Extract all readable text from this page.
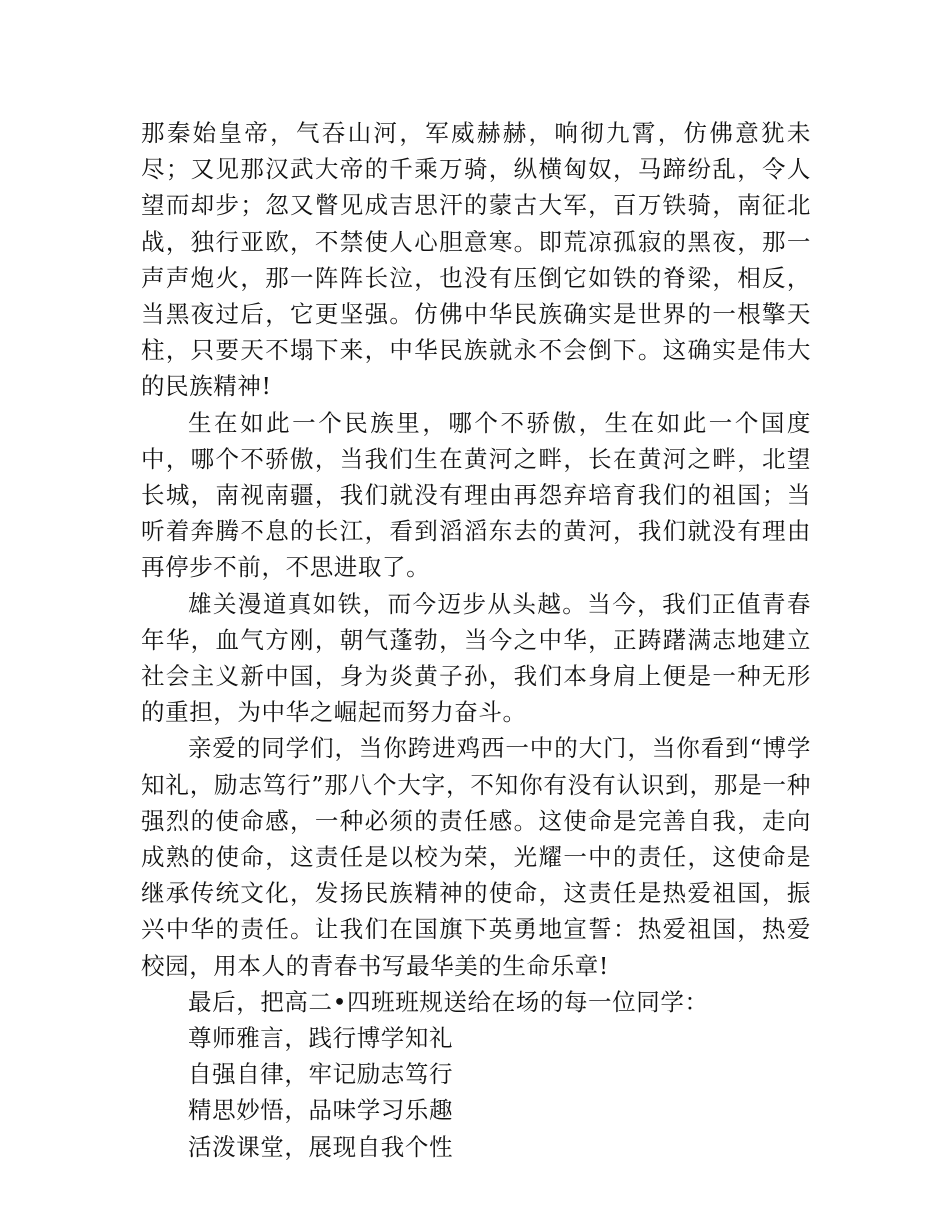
那秦始皇帝，气吞山河，军威赫赫，响彻九霄，仿佛意犹未尽；又见那汉武大帝的千乘万骑，纵横匈奴，马蹄纷乱，令人望而却步；忽又瞥见成吉思汗的蒙古大军，百万铁骑，南征北战，独行亚欧，不禁使人心胆意寒。即荒凉孤寂的黑夜，那一声声炮火，那一阵阵长泣，也没有压倒它如铁的脊梁，相反，当黑夜过后，它更坚强。仿佛中华民族确实是世界的一根擎天柱，只要天不塌下来，中华民族就永不会倒下。这确实是伟大的民族精神!

生在如此一个民族里，哪个不骄傲，生在如此一个国度中，哪个不骄傲，当我们生在黄河之畔，长在黄河之畔，北望长城，南视南疆，我们就没有理由再怨弃培育我们的祖国；当听着奔腾不息的长江，看到滔滔东去的黄河，我们就没有理由再停步不前，不思进取了。

雄关漫道真如铁，而今迈步从头越。当今，我们正值青春年华，血气方刚，朝气蓬勃，当今之中华，正踌躇满志地建立社会主义新中国，身为炎黄子孙，我们本身肩上便是一种无形的重担，为中华之崛起而努力奋斗。

亲爱的同学们，当你跨进鸡西一中的大门，当你看到“博学知礼，励志笃行”那八个大字，不知你有没有认识到，那是一种强烈的使命感，一种必须的责任感。这使命是完善自我，走向成熟的使命，这责任是以校为荣，光耀一中的责任，这使命是继承传统文化，发扬民族精神的使命，这责任是热爱祖国，振兴中华的责任。让我们在国旗下英勇地宣誓：热爱祖国，热爱校园，用本人的青春书写最华美的生命乐章!

最后，把高二•四班班规送给在场的每一位同学：

尊师雅言，践行博学知礼

自强自律，牢记励志笃行

精思妙悟，品味学习乐趣

活泼课堂，展现自我个性
